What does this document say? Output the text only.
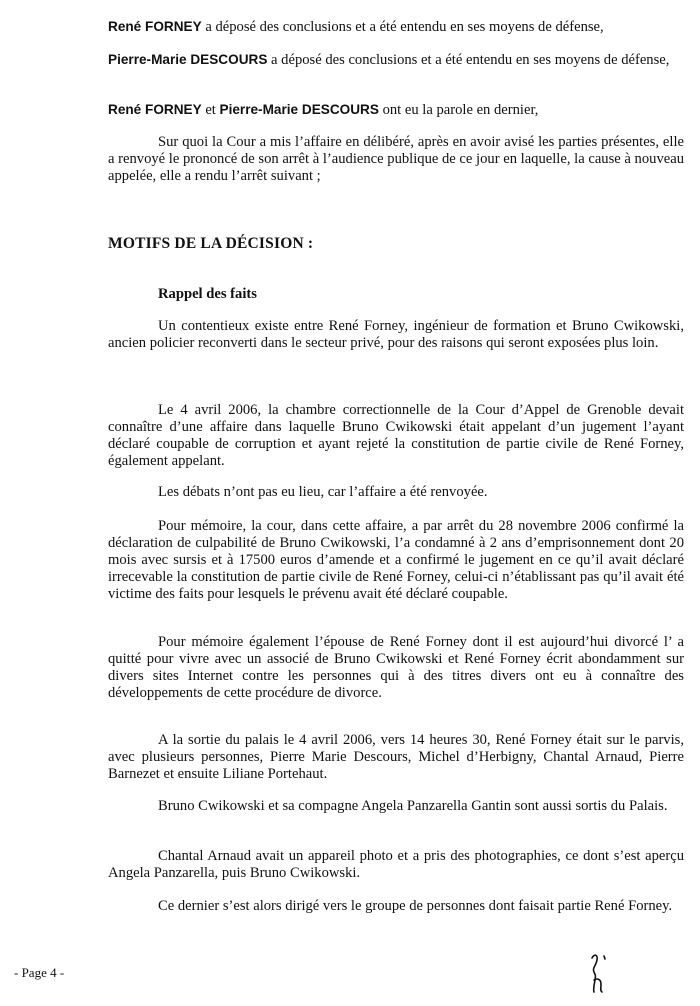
René FORNEY a déposé des conclusions et a été entendu en ses moyens de défense,

Pierre-Marie DESCOURS a déposé des conclusions et a été entendu en ses moyens de défense,

René FORNEY et Pierre-Marie DESCOURS ont eu la parole en dernier,

Sur quoi la Cour a mis l’affaire en délibéré, après en avoir avisé les parties présentes, elle a renvoyé le prononcé de son arrêt à l’audience publique de ce jour en laquelle, la cause à nouveau appelée, elle a rendu l’arrêt suivant ;

MOTIFS DE LA DÉCISION :
Rappel des faits

Un contentieux existe entre René Forney, ingénieur de formation et Bruno Cwikowski, ancien policier reconverti dans le secteur privé, pour des raisons qui seront exposées plus loin.

Le 4 avril 2006, la chambre correctionnelle de la Cour d’Appel de Grenoble devait connaître d’une affaire dans laquelle Bruno Cwikowski était appelant d’un jugement l’ayant déclaré coupable de corruption et ayant rejeté la constitution de partie civile de René Forney, également appelant.

Les débats n’ont pas eu lieu, car l’affaire a été renvoyée.

Pour mémoire, la cour, dans cette affaire, a par arrêt du 28 novembre 2006 confirmé la déclaration de culpabilité de Bruno Cwikowski, l’a condamné à 2 ans d’emprisonnement dont 20 mois avec sursis et à 17500 euros d’amende et a confirmé le jugement en ce qu’il avait déclaré irrecevable la constitution de partie civile de René Forney, celui-ci n’établissant pas qu’il avait été victime des faits pour lesquels le prévenu avait été déclaré coupable.

Pour mémoire également l’épouse de René Forney dont il est aujourd’hui divorcé l’ a quitté pour vivre avec un associé de Bruno Cwikowski et René Forney écrit abondamment sur divers sites Internet contre les personnes qui à des titres divers ont eu à connaître des développements de cette procédure de divorce.

A la sortie du palais le 4 avril 2006, vers 14 heures 30, René Forney était sur le parvis, avec plusieurs personnes, Pierre Marie Descours, Michel d’Herbigny, Chantal Arnaud, Pierre Barnezet et ensuite Liliane Portehaut.

Bruno Cwikowski et sa compagne Angela Panzarella Gantin sont aussi sortis du Palais.

Chantal Arnaud avait un appareil photo et a pris des photographies, ce dont s’est aperçu Angela Panzarella, puis Bruno Cwikowski.

Ce dernier s’est alors dirigé vers le groupe de personnes dont faisait partie René Forney.

- Page 4 -
